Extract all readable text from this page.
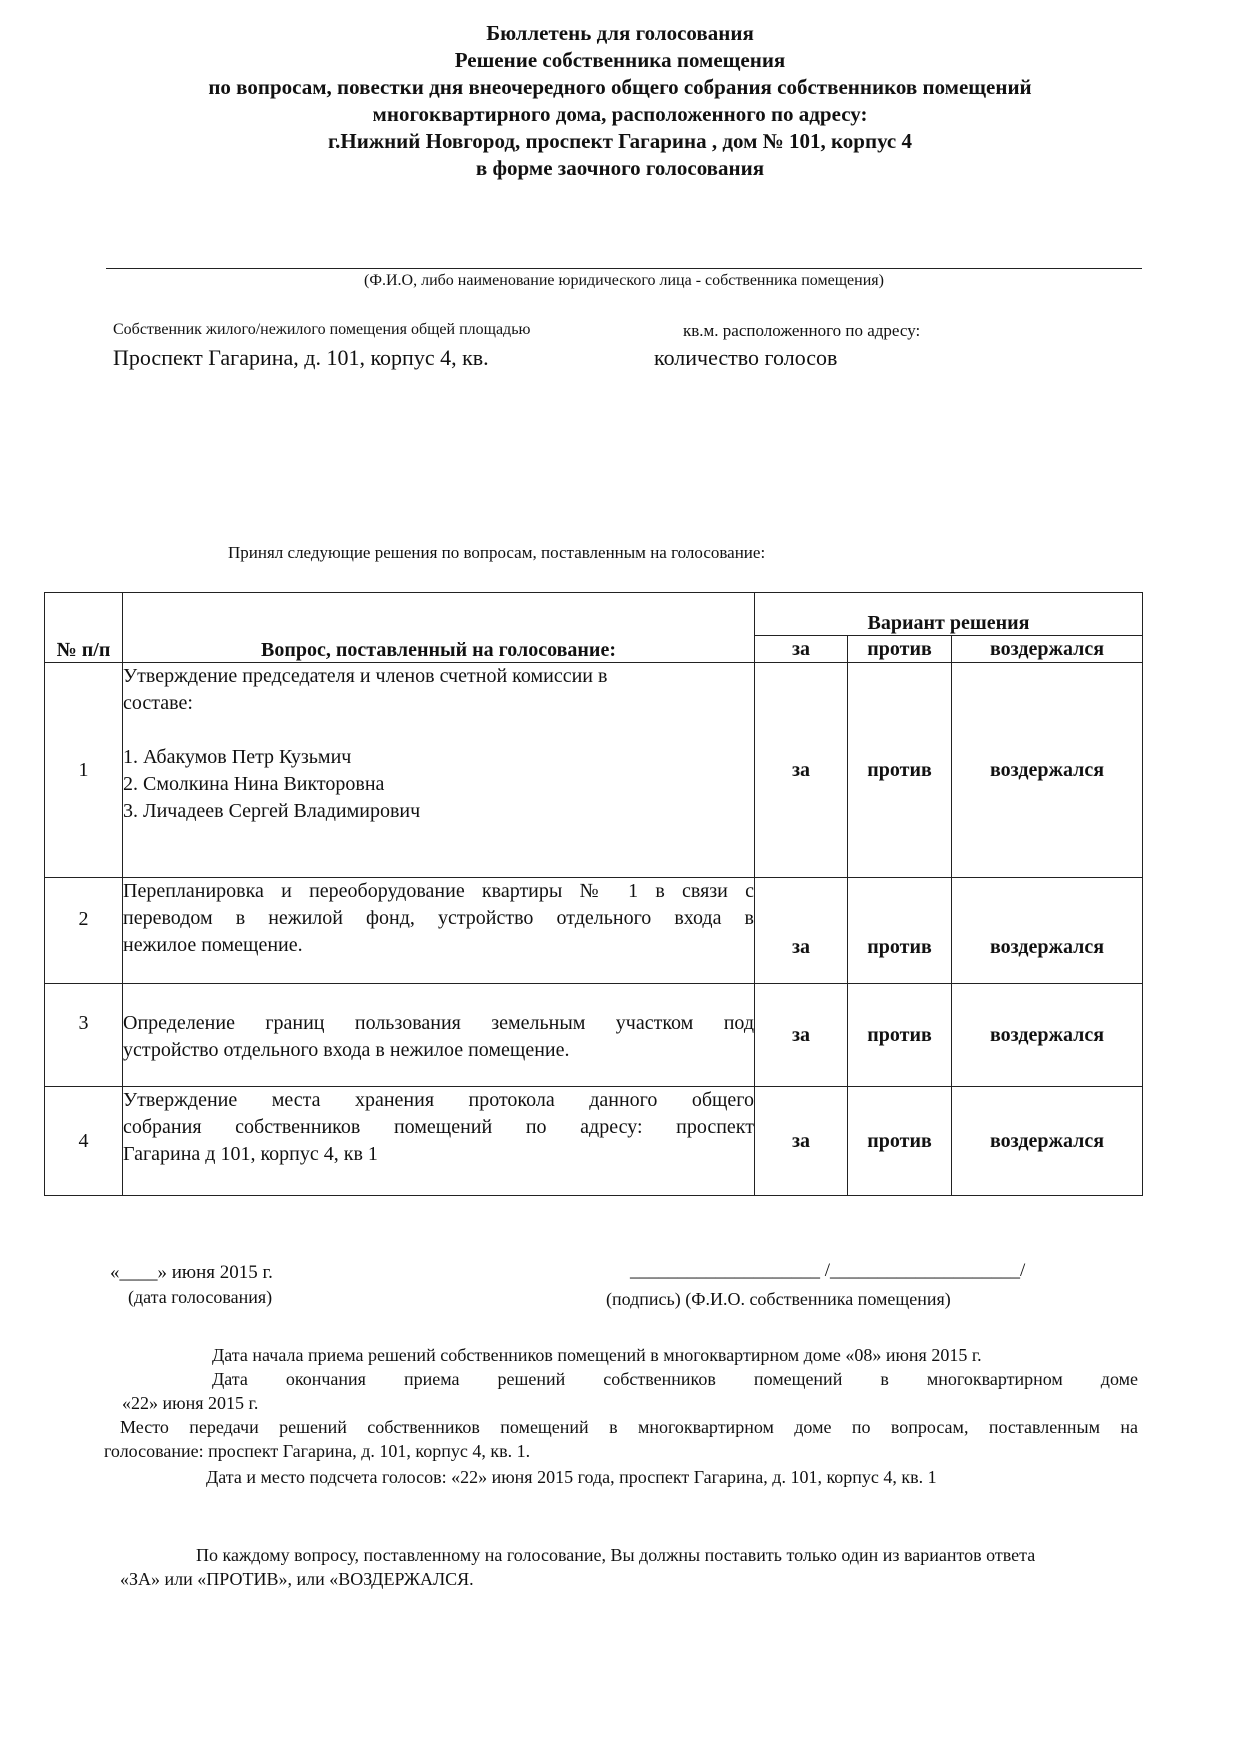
Бюллетень для голосования
Решение собственника помещения
по вопросам, повестки дня внеочередного общего собрания собственников помещений
многоквартирного дома, расположенного по адресу:
г.Нижний Новгород, проспект Гагарина , дом № 101, корпус 4
в форме заочного голосования
(Ф.И.О, либо наименование юридического лица - собственника помещения)
Собственник жилого/нежилого помещения общей площадью	кв.м. расположенного по адресу:
Проспект Гагарина, д. 101, корпус 4, кв.	количество голосов
Принял следующие решения по вопросам, поставленным на голосование:
№ п/п	Вопрос, поставленный на голосование:	Вариант решения		
		за	против	воздержался
1	Утверждение председателя и членов счетной комиссии в
составе:
1. Абакумов Петр Кузьмич
2. Смолкина Нина Викторовна
3. Личадеев Сергей Владимирович	за	против	воздержался
2	Перепланировка и переоборудование квартиры № 1 в связи с
переводом в нежилой фонд, устройство отдельного входа в
нежилое помещение.	за	против	воздержался
3	Определение границ пользования земельным участком под
устройство отдельного входа в нежилое помещение.	за	против	воздержался
4	Утверждение места хранения протокола данного общего
собрания собственников помещений по адресу: проспект
Гагарина д 101, корпус 4, кв 1	за	против	воздержался
«____» июня 2015 г.
(дата голосования)
____________________ /____________________/
(подпись) (Ф.И.О. собственника помещения)
Дата начала приема решений собственников помещений в многоквартирном доме «08» июня 2015 г.
Дата окончания приема решений собственников помещений в многоквартирном доме
«22» июня 2015 г.
Место передачи решений собственников помещений в многоквартирном доме по вопросам, поставленным на
голосование: проспект Гагарина, д. 101, корпус 4, кв. 1.
Дата и место подсчета голосов: «22» июня 2015 года, проспект Гагарина, д. 101, корпус 4, кв. 1
По каждому вопросу, поставленному на голосование, Вы должны поставить только один из вариантов ответа
«ЗА» или «ПРОТИВ», или «ВОЗДЕРЖАЛСЯ.
